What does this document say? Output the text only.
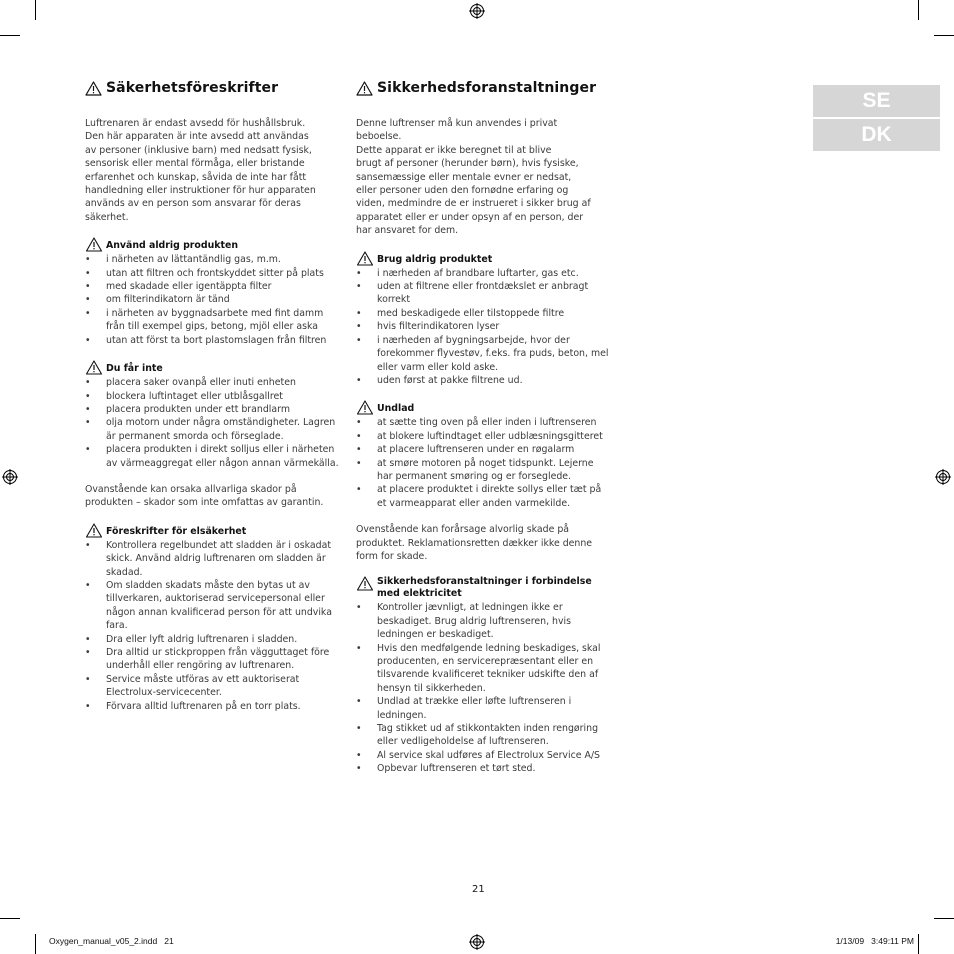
Säkerhetsföreskrifter
Luftrenaren är endast avsedd för hushållsbruk.
Den här apparaten är inte avsedd att användas
av personer (inklusive barn) med nedsatt fysisk,
sensorisk eller mental förmåga, eller bristande
erfarenhet och kunskap, såvida de inte har fått
handledning eller instruktioner för hur apparaten
används av en person som ansvarar för deras
säkerhet.
Använd aldrig produkten
• i närheten av lättantändlig gas, m.m.
• utan att filtren och frontskyddet sitter på plats
• med skadade eller igentäppta filter
• om filterindikatorn är tänd
• i närheten av byggnadsarbete med fint damm från till exempel gips, betong, mjöl eller aska
• utan att först ta bort plastomslagen från filtren
Du får inte
• placera saker ovanpå eller inuti enheten
• blockera luftintaget eller utblåsgallret
• placera produkten under ett brandlarm
• olja motorn under några omständigheter. Lagren är permanent smorda och förseglade.
• placera produkten i direkt solljus eller i närheten av värmeaggregat eller någon annan värmekälla.
Ovanstående kan orsaka allvarliga skador på
produkten – skador som inte omfattas av garantin.
Föreskrifter för elsäkerhet
• Kontrollera regelbundet att sladden är i oskadat skick. Använd aldrig luftrenaren om sladden är skadad.
• Om sladden skadats måste den bytas ut av tillverkaren, auktoriserad servicepersonal eller någon annan kvalificerad person för att undvika fara.
• Dra eller lyft aldrig luftrenaren i sladden.
• Dra alltid ur stickproppen från vägguttaget före underhåll eller rengöring av luftrenaren.
• Service måste utföras av ett auktoriserat Electrolux-servicecenter.
• Förvara alltid luftrenaren på en torr plats.
Sikkerhedsforanstaltninger
Denne luftrenser må kun anvendes i privat
beboelse.
Dette apparat er ikke beregnet til at blive
brugt af personer (herunder børn), hvis fysiske,
sansemæssige eller mentale evner er nedsat,
eller personer uden den fornødne erfaring og
viden, medmindre de er instrueret i sikker brug af
apparatet eller er under opsyn af en person, der
har ansvaret for dem.
Brug aldrig produktet
• i nærheden af brandbare luftarter, gas etc.
• uden at filtrene eller frontdækslet er anbragt korrekt
• med beskadigede eller tilstoppede filtre
• hvis filterindikatoren lyser
• i nærheden af bygningsarbejde, hvor der forekommer flyvestøv, f.eks. fra puds, beton, mel eller varm eller kold aske.
• uden først at pakke filtrene ud.
Undlad
• at sætte ting oven på eller inden i luftrenseren
• at blokere luftindtaget eller udblæsningsgitteret
• at placere luftrenseren under en røgalarm
• at smøre motoren på noget tidspunkt. Lejerne har permanent smøring og er forseglede.
• at placere produktet i direkte sollys eller tæt på et varmeapparat eller anden varmekilde.
Ovenstående kan forårsage alvorlig skade på
produktet. Reklamationsretten dækker ikke denne
form for skade.
Sikkerhedsforanstaltninger i forbindelse
med elektricitet
• Kontroller jævnligt, at ledningen ikke er beskadiget. Brug aldrig luftrenseren, hvis ledningen er beskadiget.
• Hvis den medfølgende ledning beskadiges, skal producenten, en servicerepræsentant eller en tilsvarende kvalificeret tekniker udskifte den af hensyn til sikkerheden.
• Undlad at trække eller løfte luftrenseren i ledningen.
• Tag stikket ud af stikkontakten inden rengøring eller vedligeholdelse af luftrenseren.
• Al service skal udføres af Electrolux Service A/S
• Opbevar luftrenseren et tørt sted.
SE
DK
21
Oxygen_manual_v05_2.indd   21	1/13/09   3:49:11 PM
